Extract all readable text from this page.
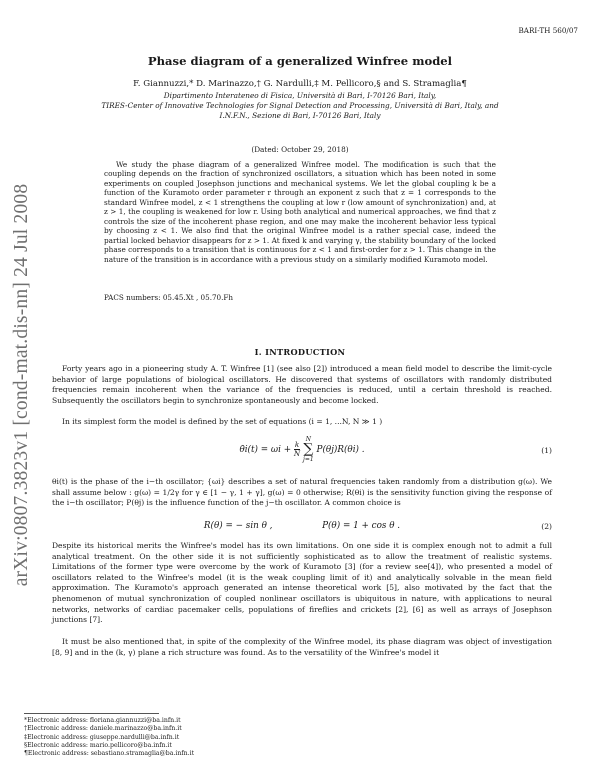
BARI-TH 560/07
arXiv:0807.3823v1 [cond-mat.dis-nn] 24 Jul 2008
Phase diagram of a generalized Winfree model
F. Giannuzzi,* D. Marinazzo,† G. Nardulli,‡ M. Pellicoro,§ and S. Stramaglia¶
Dipartimento Interateneo di Fisica, Università di Bari, I-70126 Bari, Italy,
TIRES-Center of Innovative Technologies for Signal Detection and Processing, Università di Bari, Italy, and
I.N.F.N., Sezione di Bari, I-70126 Bari, Italy
(Dated: October 29, 2018)

We study the phase diagram of a generalized Winfree model. The modification is such that the coupling depends on the fraction of synchronized oscillators, a situation which has been noted in some experiments on coupled Josephson junctions and mechanical systems. We let the global coupling k be a function of the Kuramoto order parameter r through an exponent z such that z = 1 corresponds to the standard Winfree model, z < 1 strengthens the coupling at low r (low amount of synchronization) and, at z > 1, the coupling is weakened for low r. Using both analytical and numerical approaches, we find that z controls the size of the incoherent phase region, and one may make the incoherent behavior less typical by choosing z < 1. We also find that the original Winfree model is a rather special case, indeed the partial locked behavior disappears for z > 1. At fixed k and varying γ, the stability boundary of the locked phase corresponds to a transition that is continuous for z < 1 and first-order for z > 1. This change in the nature of the transition is in accordance with a previous study on a similarly modified Kuramoto model.

PACS numbers: 05.45.Xt , 05.70.Fh
I. INTRODUCTION

Forty years ago in a pioneering study A. T. Winfree [1] (see also [2]) introduced a mean field model to describe the limit-cycle behavior of large populations of biological oscillators. He discovered that systems of oscillators with randomly distributed frequencies remain incoherent when the variance of the frequencies is reduced, until a certain threshold is reached. Subsequently the oscillators begin to synchronize spontaneously and become locked.

In its simplest form the model is defined by the set of equations (i = 1, ...N, N ≫ 1 )

θ̇i(t) = $\omega i + \frac{k}{N}$ N
∑
j=1 P(θj)R(θi) .	(1)

θi(t) is the phase of the i−th oscillator; {ωi} describes a set of natural frequencies taken randomly from a distribution g(ω). We shall assume below : g(ω) = 1/2γ for γ ∈ [1 − γ, 1 + γ], g(ω) = 0 otherwise; R(θi) is the sensitivity function giving the response of the i−th oscillator; P(θj) is the influence function of the j−th oscillator. A common choice is

R(θ) = − sin θ ,	P(θ) = 1 + cos θ .	(2)

Despite its historical merits the Winfree's model has its own limitations. On one side it is complex enough not to admit a full analytical treatment. On the other side it is not sufficiently sophisticated as to allow the treatment of realistic systems. Limitations of the former type were overcome by the work of Kuramoto [3] (for a review see[4]), who presented a model of oscillators related to the Winfree's model (it is the weak coupling limit of it) and analytically solvable in the mean field approximation. The Kuramoto's approach generated an intense theoretical work [5], also motivated by the fact that the phenomenon of mutual synchronization of coupled nonlinear oscillators is ubiquitous in nature, with applications to neural networks, networks of cardiac pacemaker cells, populations of fireflies and crickets [2], [6] as well as arrays of Josephson junctions [7].

It must be also mentioned that, in spite of the complexity of the Winfree model, its phase diagram was object of investigation [8, 9] and in the (k, γ) plane a rich structure was found. As to the versatility of the Winfree's model it

*Electronic address: floriana.giannuzzi@ba.infn.it
†Electronic address: daniele.marinazzo@ba.infn.it
‡Electronic address: giuseppe.nardulli@ba.infn.it
§Electronic address: mario.pellicoro@ba.infn.it
¶Electronic address: sebastiano.stramaglia@ba.infn.it
